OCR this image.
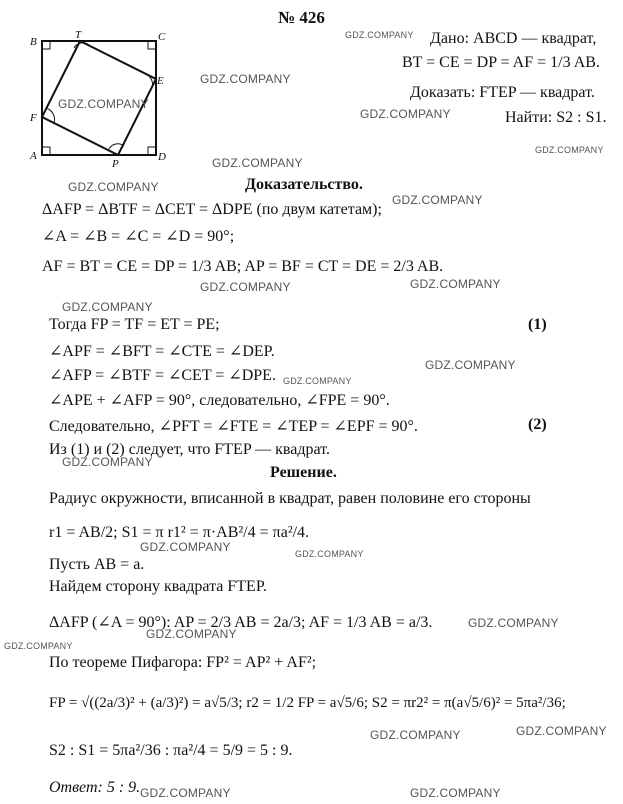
№ 426
B
T	C
E
F
A
P
D
Дано: ABCD — квадрат,
BT = CE = DP = AF = 1/3 AB.
Доказать: FTEP — квадрат.
Найти: S2 : S1.
Доказательство.
ΔAFP = ΔBTF = ΔCET = ΔDPE (по двум катетам);
∠A = ∠B = ∠C = ∠D = 90°;
AF = BT = CE = DP = 1/3 AB; AP = BF = CT = DE = 2/3 AB.
Тогда FP = TF = ET = PE;
∠APF = ∠BFT = ∠CTE = ∠DEP.
∠AFP = ∠BTF = ∠CET = ∠DPE.
∠APE + ∠AFP = 90°, следовательно, ∠FPE = 90°.
Следовательно, ∠PFT = ∠FTE = ∠TEP = ∠EPF = 90°.
Из (1) и (2) следует, что FTEP — квадрат.
(1)
(2)
Решение.
Радиус окружности, вписанной в квадрат, равен половине его стороны
r1 = AB/2; S1 = π r1² = π·AB²/4 = πa²/4.
Пусть AB = a.
Найдем сторону квадрата FTEP.
ΔAFP (∠A = 90°): AP = 2/3 AB = 2a/3; AF = 1/3 AB = a/3.
По теореме Пифагора: FP² = AP² + AF²;
FP = √((2a/3)² + (a/3)²) = a√5/3; r2 = 1/2 FP = a√5/6; S2 = πr2² = π(a√5/6)² = 5πa²/36;
S2 : S1 = 5πa²/36 : πa²/4 = 5/9 = 5 : 9.
Ответ: 5 : 9.
GDZ.COMPANY
GDZ.COMPANY
GDZ.COMPANY
GDZ.COMPANY
GDZ.COMPANY
GDZ.COMPANY
GDZ.COMPANY
GDZ.COMPANY
GDZ.COMPANY	GDZ.COMPANY
GDZ.COMPANY
GDZ.COMPANY
GDZ.COMPANY
GDZ.COMPANY
GDZ.COMPANY	GDZ.COMPANY
GDZ.COMPANY
GDZ.COMPANY
GDZ.COMPANY
GDZ.COMPANY	GDZ.COMPANY
GDZ.COMPANY	GDZ.COMPANY
